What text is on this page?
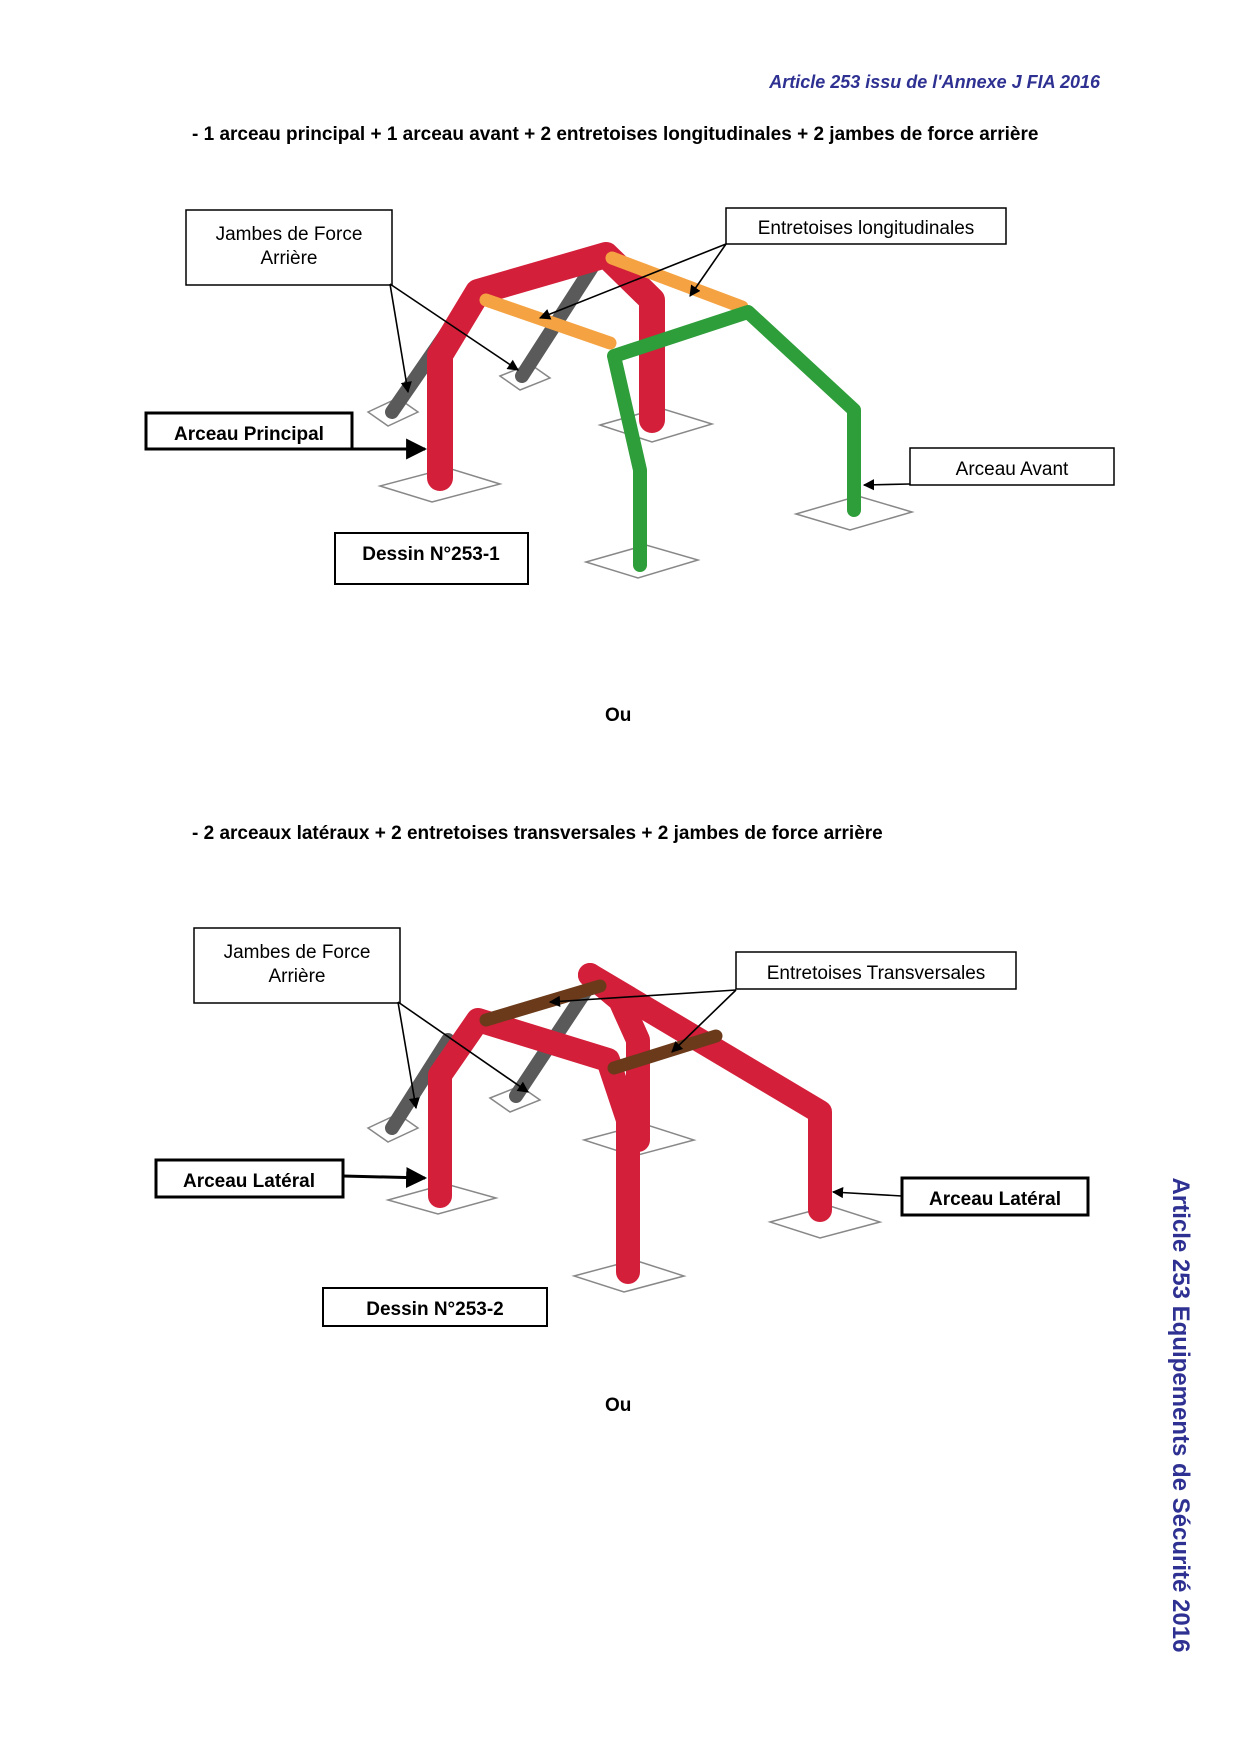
Article 253 issu de l'Annexe J FIA 2016
- 1 arceau principal + 1 arceau avant + 2 entretoises longitudinales + 2 jambes de force arrière
Ou
- 2 arceaux latéraux + 2 entretoises transversales + 2 jambes de force arrière
Ou	Article 253 Equipements de Sécurité 2016
Jambes de Force
Arrière
Entretoises longitudinales
Arceau Principal
Arceau Avant
Dessin N°253-1
Jambes de Force
Arrière	Entretoises Transversales
Arceau Latéral
Arceau Latéral
Dessin N°253-2
